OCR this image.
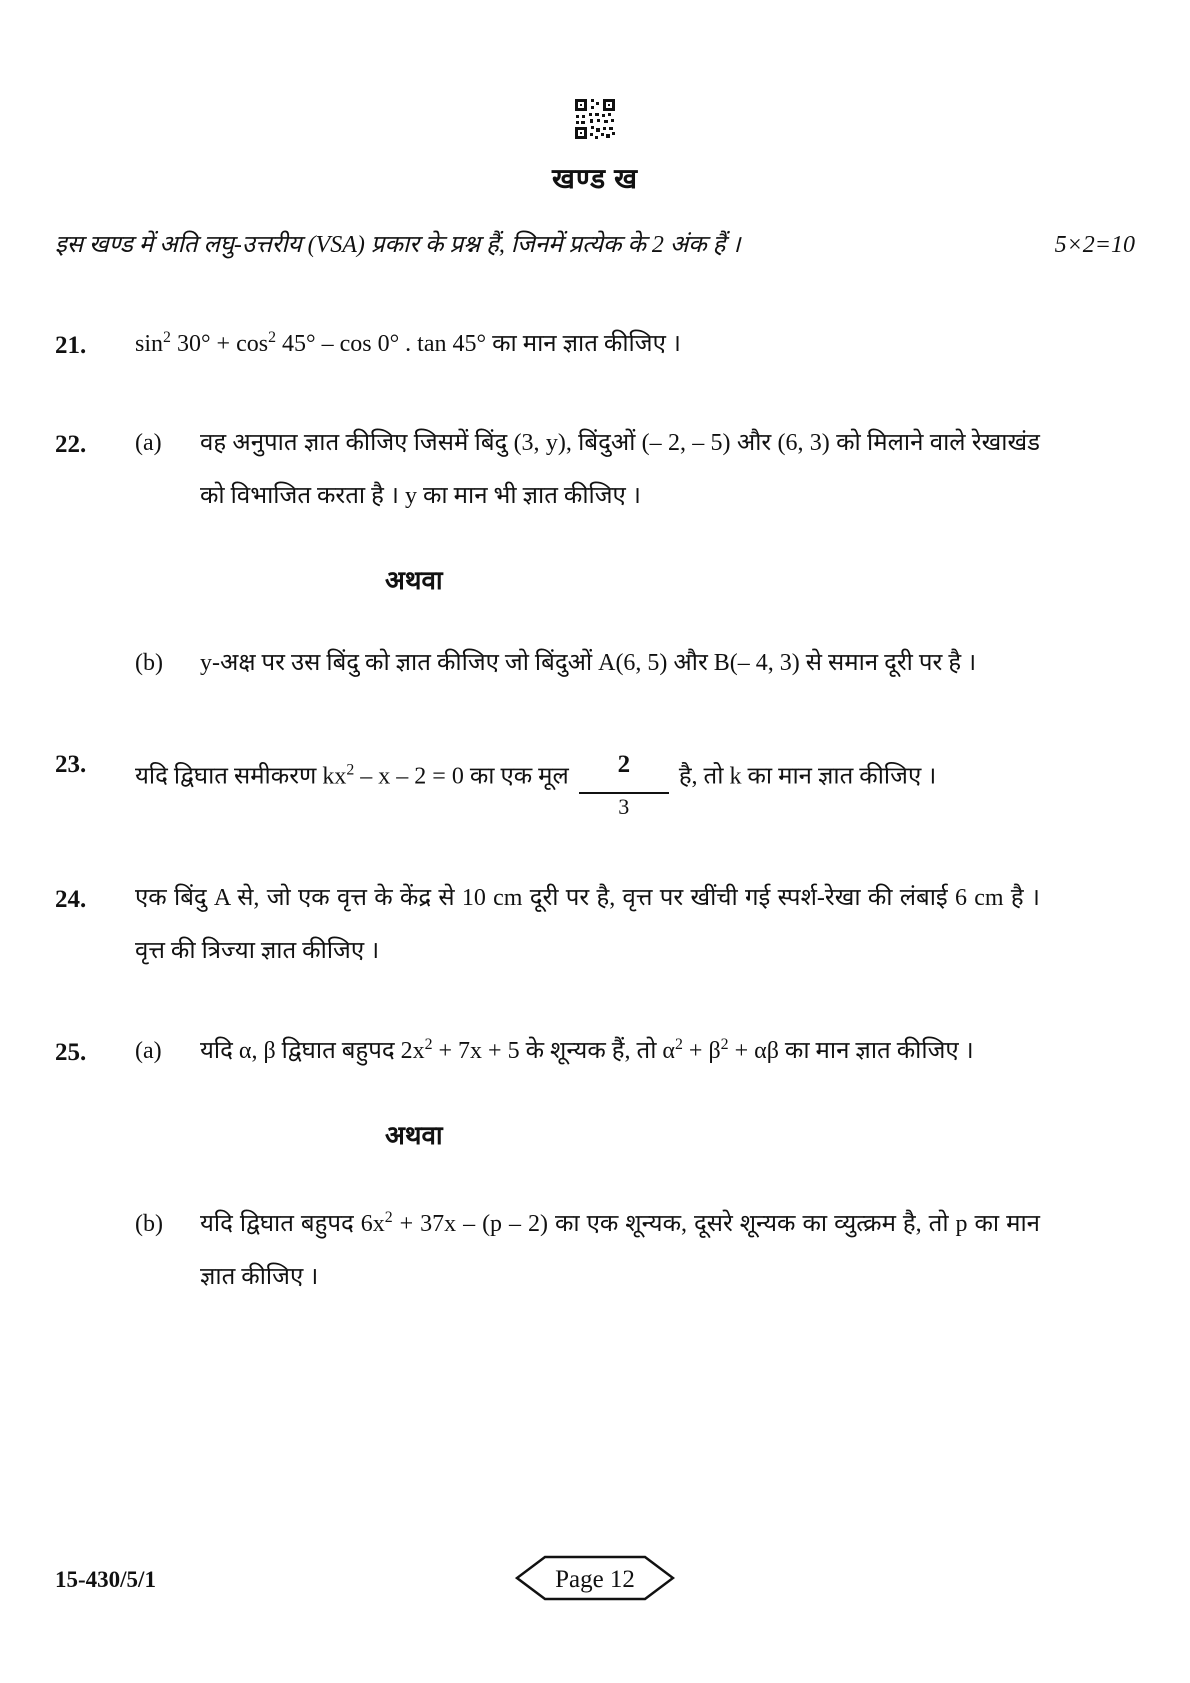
खण्ड ख
इस खण्ड में अति लघु-उत्तरीय (VSA) प्रकार के प्रश्न हैं, जिनमें प्रत्येक के 2 अंक हैं ।	5×2=10
21.	$\sin^2 30^\circ + \cos^2 45^\circ - \cos 0^\circ$ . tan 45° का मान ज्ञात कीजिए ।
22.	(a)	वह अनुपात ज्ञात कीजिए जिसमें बिंदु (3, y), बिंदुओं (– 2, – 5) और (6, 3) को मिलाने वाले रेखाखंड को विभाजित करता है । y का मान भी ज्ञात कीजिए ।
अथवा
(b)	y-अक्ष पर उस बिंदु को ज्ञात कीजिए जो बिंदुओं A(6, 5) और B(– 4, 3) से समान दूरी पर है ।
23.	यदि द्विघात समीकरण $kx^2 - x - 2 = 0$ का एक मूल $\frac{2}{3}$ है, तो k का मान ज्ञात कीजिए ।
24.	एक बिंदु A से, जो एक वृत्त के केंद्र से 10 cm दूरी पर है, वृत्त पर खींची गई स्पर्श-रेखा की लंबाई 6 cm है । वृत्त की त्रिज्या ज्ञात कीजिए ।
25.	(a)	यदि α, β द्विघात बहुपद $2x^2 + 7x + 5$ के शून्यक हैं, तो $\alpha^2 + \beta^2 + \alpha\beta$ का मान ज्ञात कीजिए ।
अथवा
(b)	यदि द्विघात बहुपद $6x^2 + 37x - (p - 2)$ का एक शून्यक, दूसरे शून्यक का व्युत्क्रम है, तो p का मान ज्ञात कीजिए ।
15-430/5/1	Page 12
